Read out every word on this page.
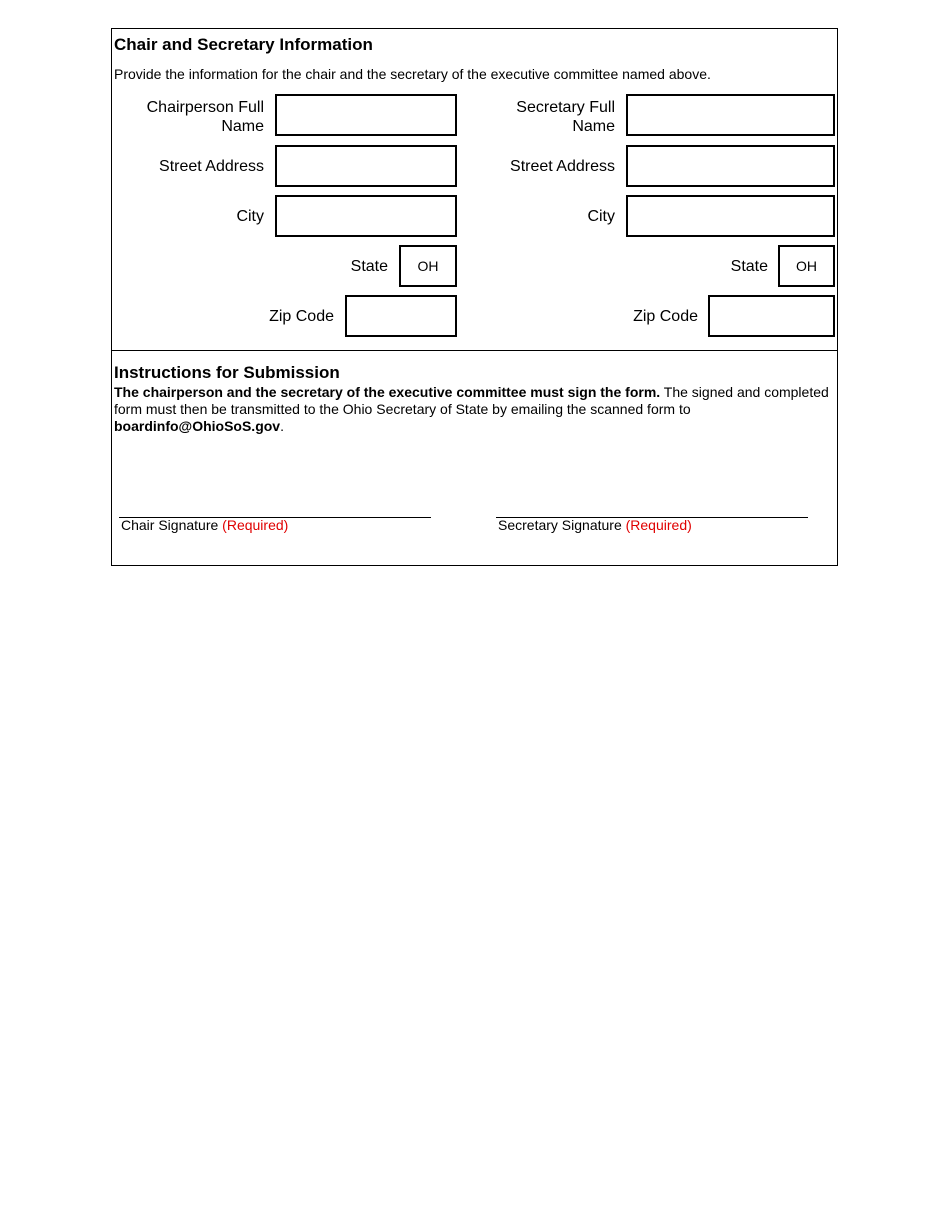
Chair and Secretary Information
Provide the information for the chair and the secretary of the executive committee named above.
Chairperson Full
Name
Street Address
City
State	OH
Zip Code
Secretary Full
Name
Street Address
City
State	OH
Zip Code
Instructions for Submission
The chairperson and the secretary of the executive committee must sign the form. The signed and completed form must then be transmitted to the Ohio Secretary of State by emailing the scanned form to boardinfo@OhioSoS.gov.
Chair Signature (Required)	Secretary Signature (Required)
